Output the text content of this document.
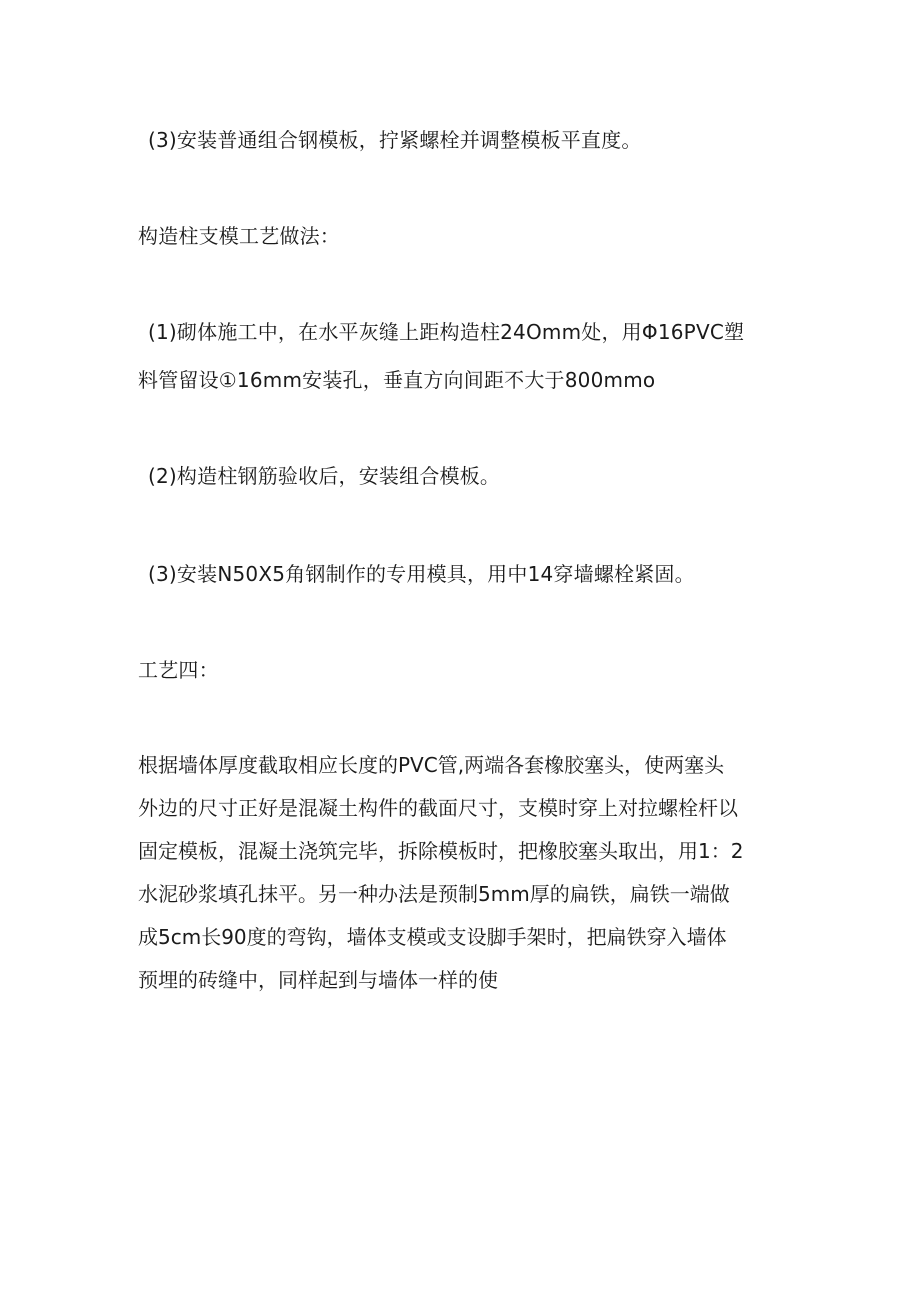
(3)安装普通组合钢模板，拧紧螺栓并调整模板平直度。
构造柱支模工艺做法：
(1)砌体施工中，在水平灰缝上距构造柱24Omm处，用Φ16PVC塑
料管留设①16mm安装孔，垂直方向间距不大于800mmo
(2)构造柱钢筋验收后，安装组合模板。
(3)安装N50X5角钢制作的专用模具，用中14穿墙螺栓紧固。
工艺四：
根据墙体厚度截取相应长度的PVC管,两端各套橡胶塞头，使两塞头
外边的尺寸正好是混凝土构件的截面尺寸，支模时穿上对拉螺栓杆以
固定模板，混凝土浇筑完毕，拆除模板时，把橡胶塞头取出，用1：2
水泥砂浆填孔抹平。另一种办法是预制5mm厚的扁铁，扁铁一端做
成5cm长90度的弯钩，墙体支模或支设脚手架时，把扁铁穿入墙体
预埋的砖缝中，同样起到与墙体一样的使
